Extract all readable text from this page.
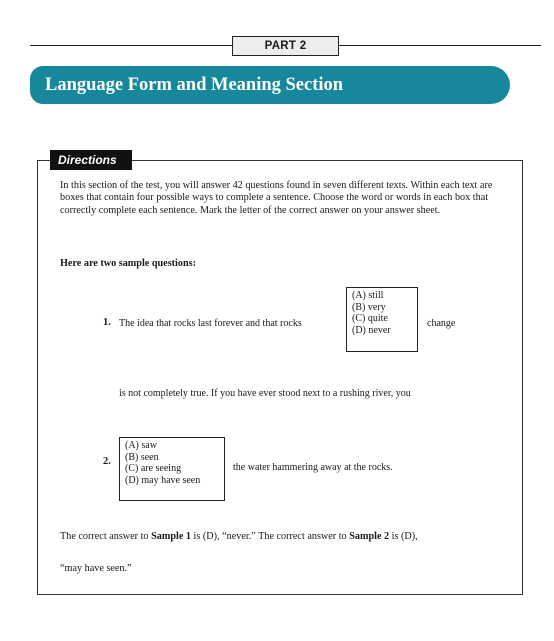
PART 2
Language Form and Meaning Section
Directions

In this section of the test, you will answer 42 questions found in seven different texts. Within each text are boxes that contain four possible ways to complete a sentence. Choose the word or words in each box that correctly complete each sentence. Mark the letter of the correct answer on your answer sheet.

Here are two sample questions:

1. The idea that rocks last forever and that rocks
(A) still
(B) very
(C) quite
(D) never
change
is not completely true. If you have ever stood next to a rushing river, you
2.
(A) saw
(B) seen
(C) are seeing
(D) may have seen
the water hammering away at the rocks.
The correct answer to Sample 1 is (D), “never.” The correct answer to Sample 2 is (D),
“may have seen.”
